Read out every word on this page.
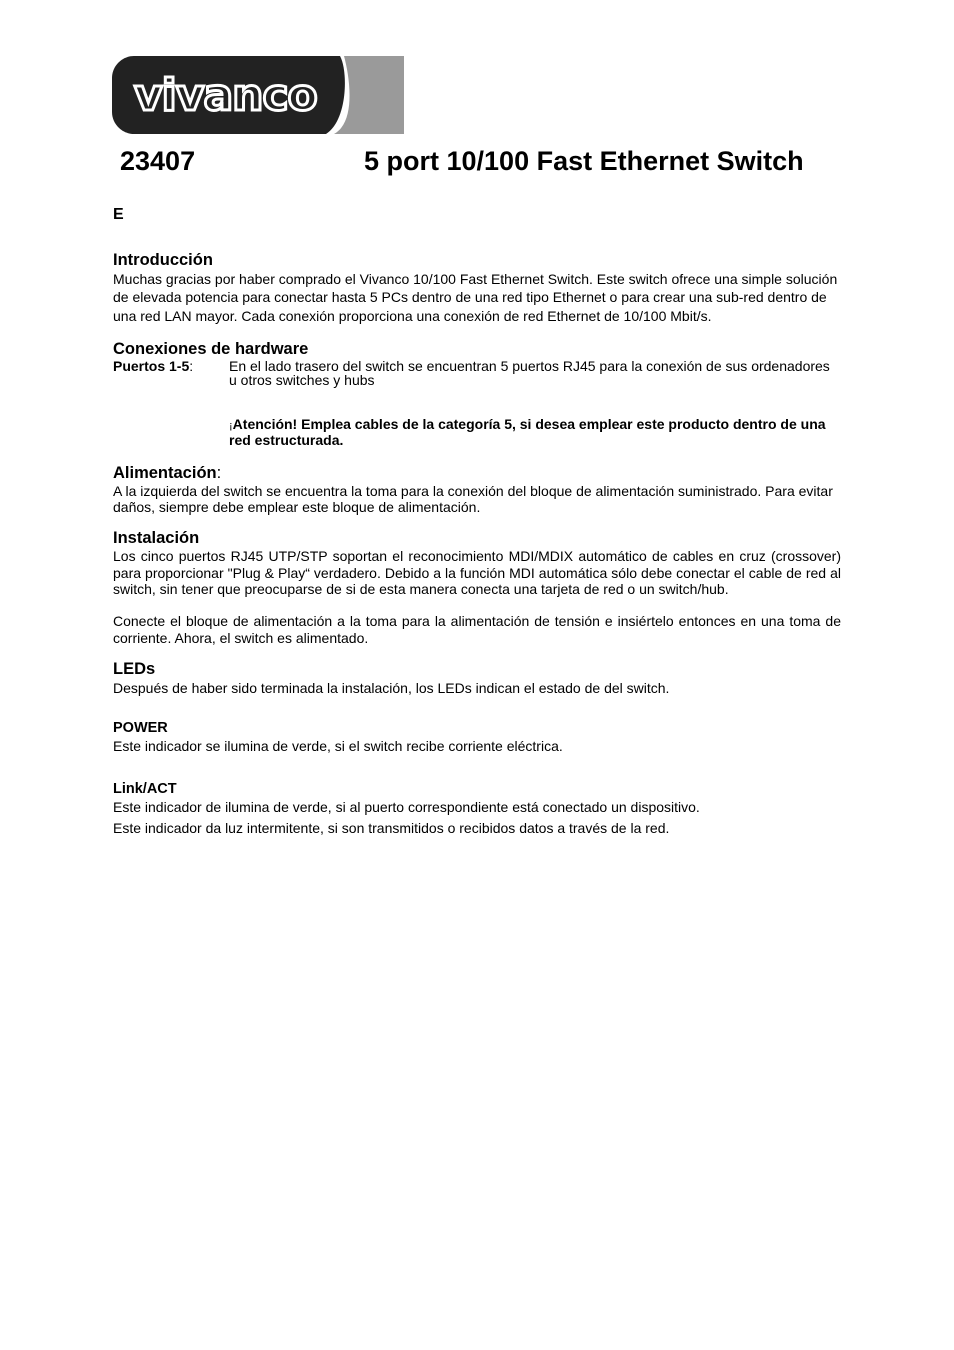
vivanco
23407	5 port 10/100 Fast Ethernet Switch
E
Introducción

Muchas gracias por haber comprado el Vivanco 10/100 Fast Ethernet Switch. Este switch ofrece una simple solución de elevada potencia para conectar hasta 5 PCs dentro de una red tipo Ethernet o para crear una sub-red dentro de una red LAN mayor. Cada conexión proporciona una conexión de red Ethernet de 10/100 Mbit/s.

Conexiones de hardware
Puertos 1-5:	En el lado trasero del switch se encuentran 5 puertos RJ45 para la conexión de sus ordenadores u otros switches y hubs
¡Atención! Emplea cables de la categoría 5, si desea emplear este producto dentro de una red estructurada.
Alimentación:

A la izquierda del switch se encuentra la toma para la conexión del bloque de alimentación suministrado. Para evitar daños, siempre debe emplear este bloque de alimentación.

Instalación

Los cinco puertos RJ45 UTP/STP soportan el reconocimiento MDI/MDIX automático de cables en cruz (crossover) para proporcionar "Plug & Play“ verdadero. Debido a la función MDI automática sólo debe conectar el cable de red al switch, sin tener que preocuparse de si de esta manera conecta una tarjeta de red o un switch/hub.

Conecte el bloque de alimentación a la toma para la alimentación de tensión e insiértelo entonces en una toma de corriente. Ahora, el switch es alimentado.

LEDs

Después de haber sido terminada la instalación, los LEDs indican el estado de del switch.

POWER

Este indicador se ilumina de verde, si el switch recibe corriente eléctrica.

Link/ACT

Este indicador de ilumina de verde, si al puerto correspondiente está conectado un dispositivo.

Este indicador da luz intermitente, si son transmitidos o recibidos datos a través de la red.
